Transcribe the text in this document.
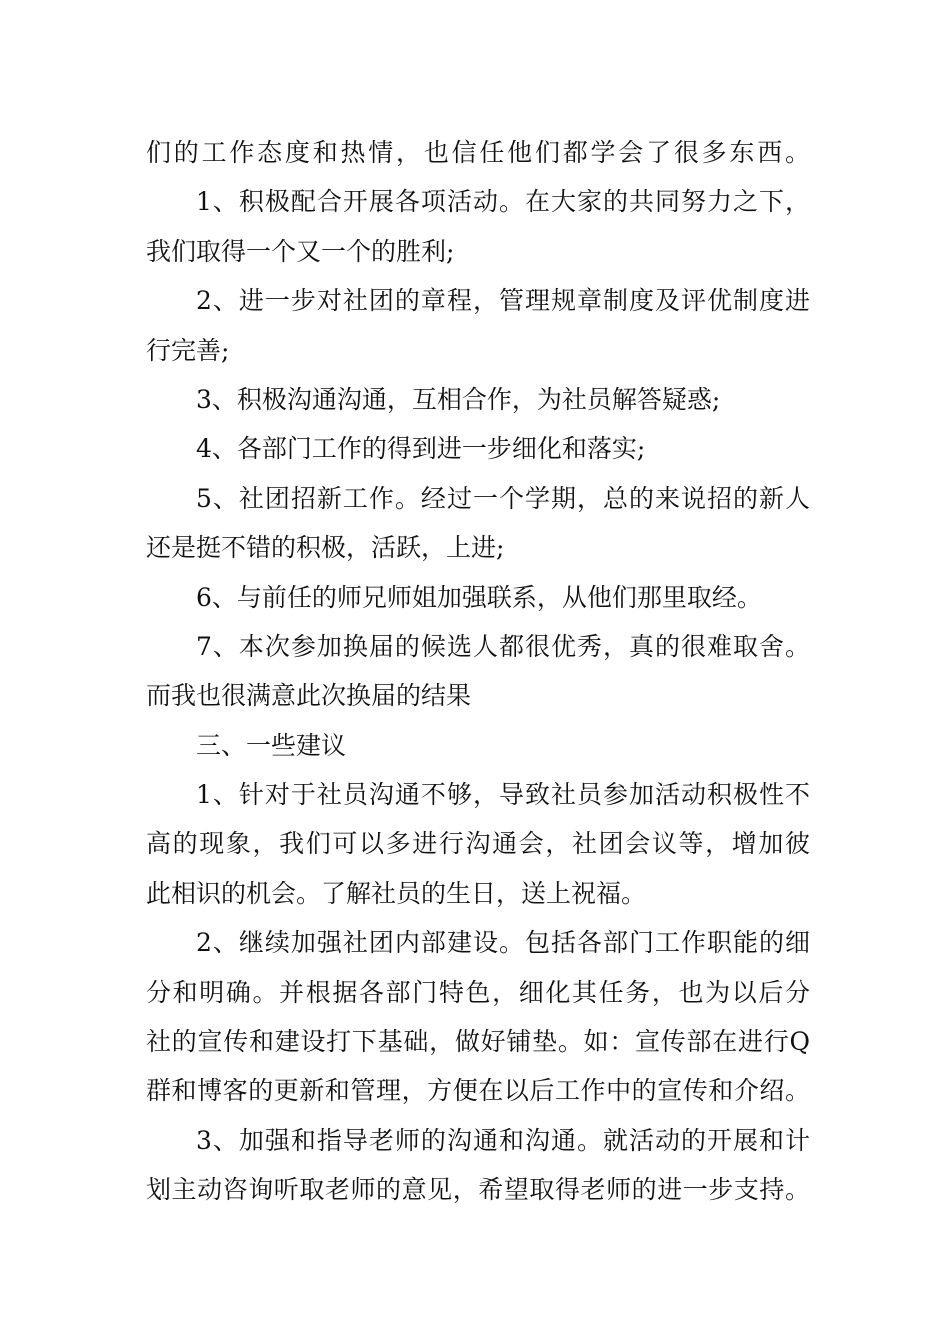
们的工作态度和热情，也信任他们都学会了很多东西。
1、积极配合开展各项活动。在大家的共同努力之下，
我们取得一个又一个的胜利;
2、进一步对社团的章程，管理规章制度及评优制度进
行完善;
3、积极沟通沟通，互相合作，为社员解答疑惑;
4、各部门工作的得到进一步细化和落实;
5、社团招新工作。经过一个学期，总的来说招的新人
还是挺不错的积极，活跃，上进;
6、与前任的师兄师姐加强联系，从他们那里取经。
7、本次参加换届的候选人都很优秀，真的很难取舍。
而我也很满意此次换届的结果
三、一些建议
1、针对于社员沟通不够，导致社员参加活动积极性不
高的现象，我们可以多进行沟通会，社团会议等，增加彼
此相识的机会。了解社员的生日，送上祝福。
2、继续加强社团内部建设。包括各部门工作职能的细
分和明确。并根据各部门特色，细化其任务，也为以后分
社的宣传和建设打下基础，做好铺垫。如：宣传部在进行Q
群和博客的更新和管理，方便在以后工作中的宣传和介绍。
3、加强和指导老师的沟通和沟通。就活动的开展和计
划主动咨询听取老师的意见，希望取得老师的进一步支持。
